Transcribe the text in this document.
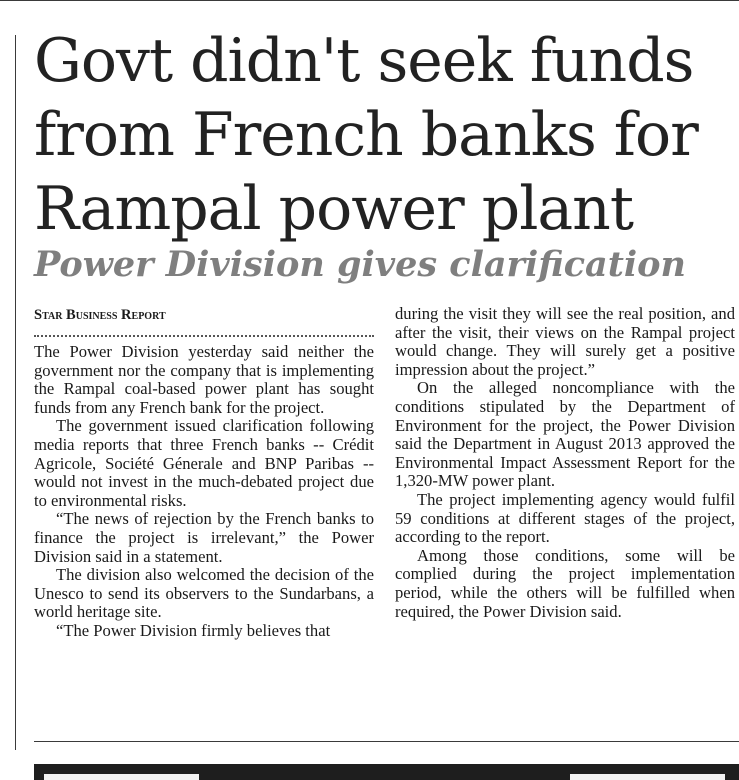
Govt didn't seek funds from French banks for Rampal power plant
Power Division gives clarification

Star Business Report

The Power Division yesterday said neither the government nor the company that is implementing the Rampal coal-based power plant has sought funds from any French bank for the project.

The government issued clarification following media reports that three French banks -- Crédit Agricole, Société Génerale and BNP Paribas -- would not invest in the much-debated project due to environmental risks.

“The news of rejection by the French banks to finance the project is irrelevant,” the Power Division said in a statement.

The division also welcomed the decision of the Unesco to send its observers to the Sundarbans, a world heritage site.

“The Power Division firmly believes that

during the visit they will see the real position, and after the visit, their views on the Rampal project would change. They will surely get a positive impression about the project.”

On the alleged noncompliance with the conditions stipulated by the Department of Environment for the project, the Power Division said the Department in August 2013 approved the Environmental Impact Assessment Report for the 1,320-MW power plant.

The project implementing agency would fulfil 59 conditions at different stages of the project, according to the report.

Among those conditions, some will be complied during the project implementation period, while the others will be fulfilled when required, the Power Division said.
